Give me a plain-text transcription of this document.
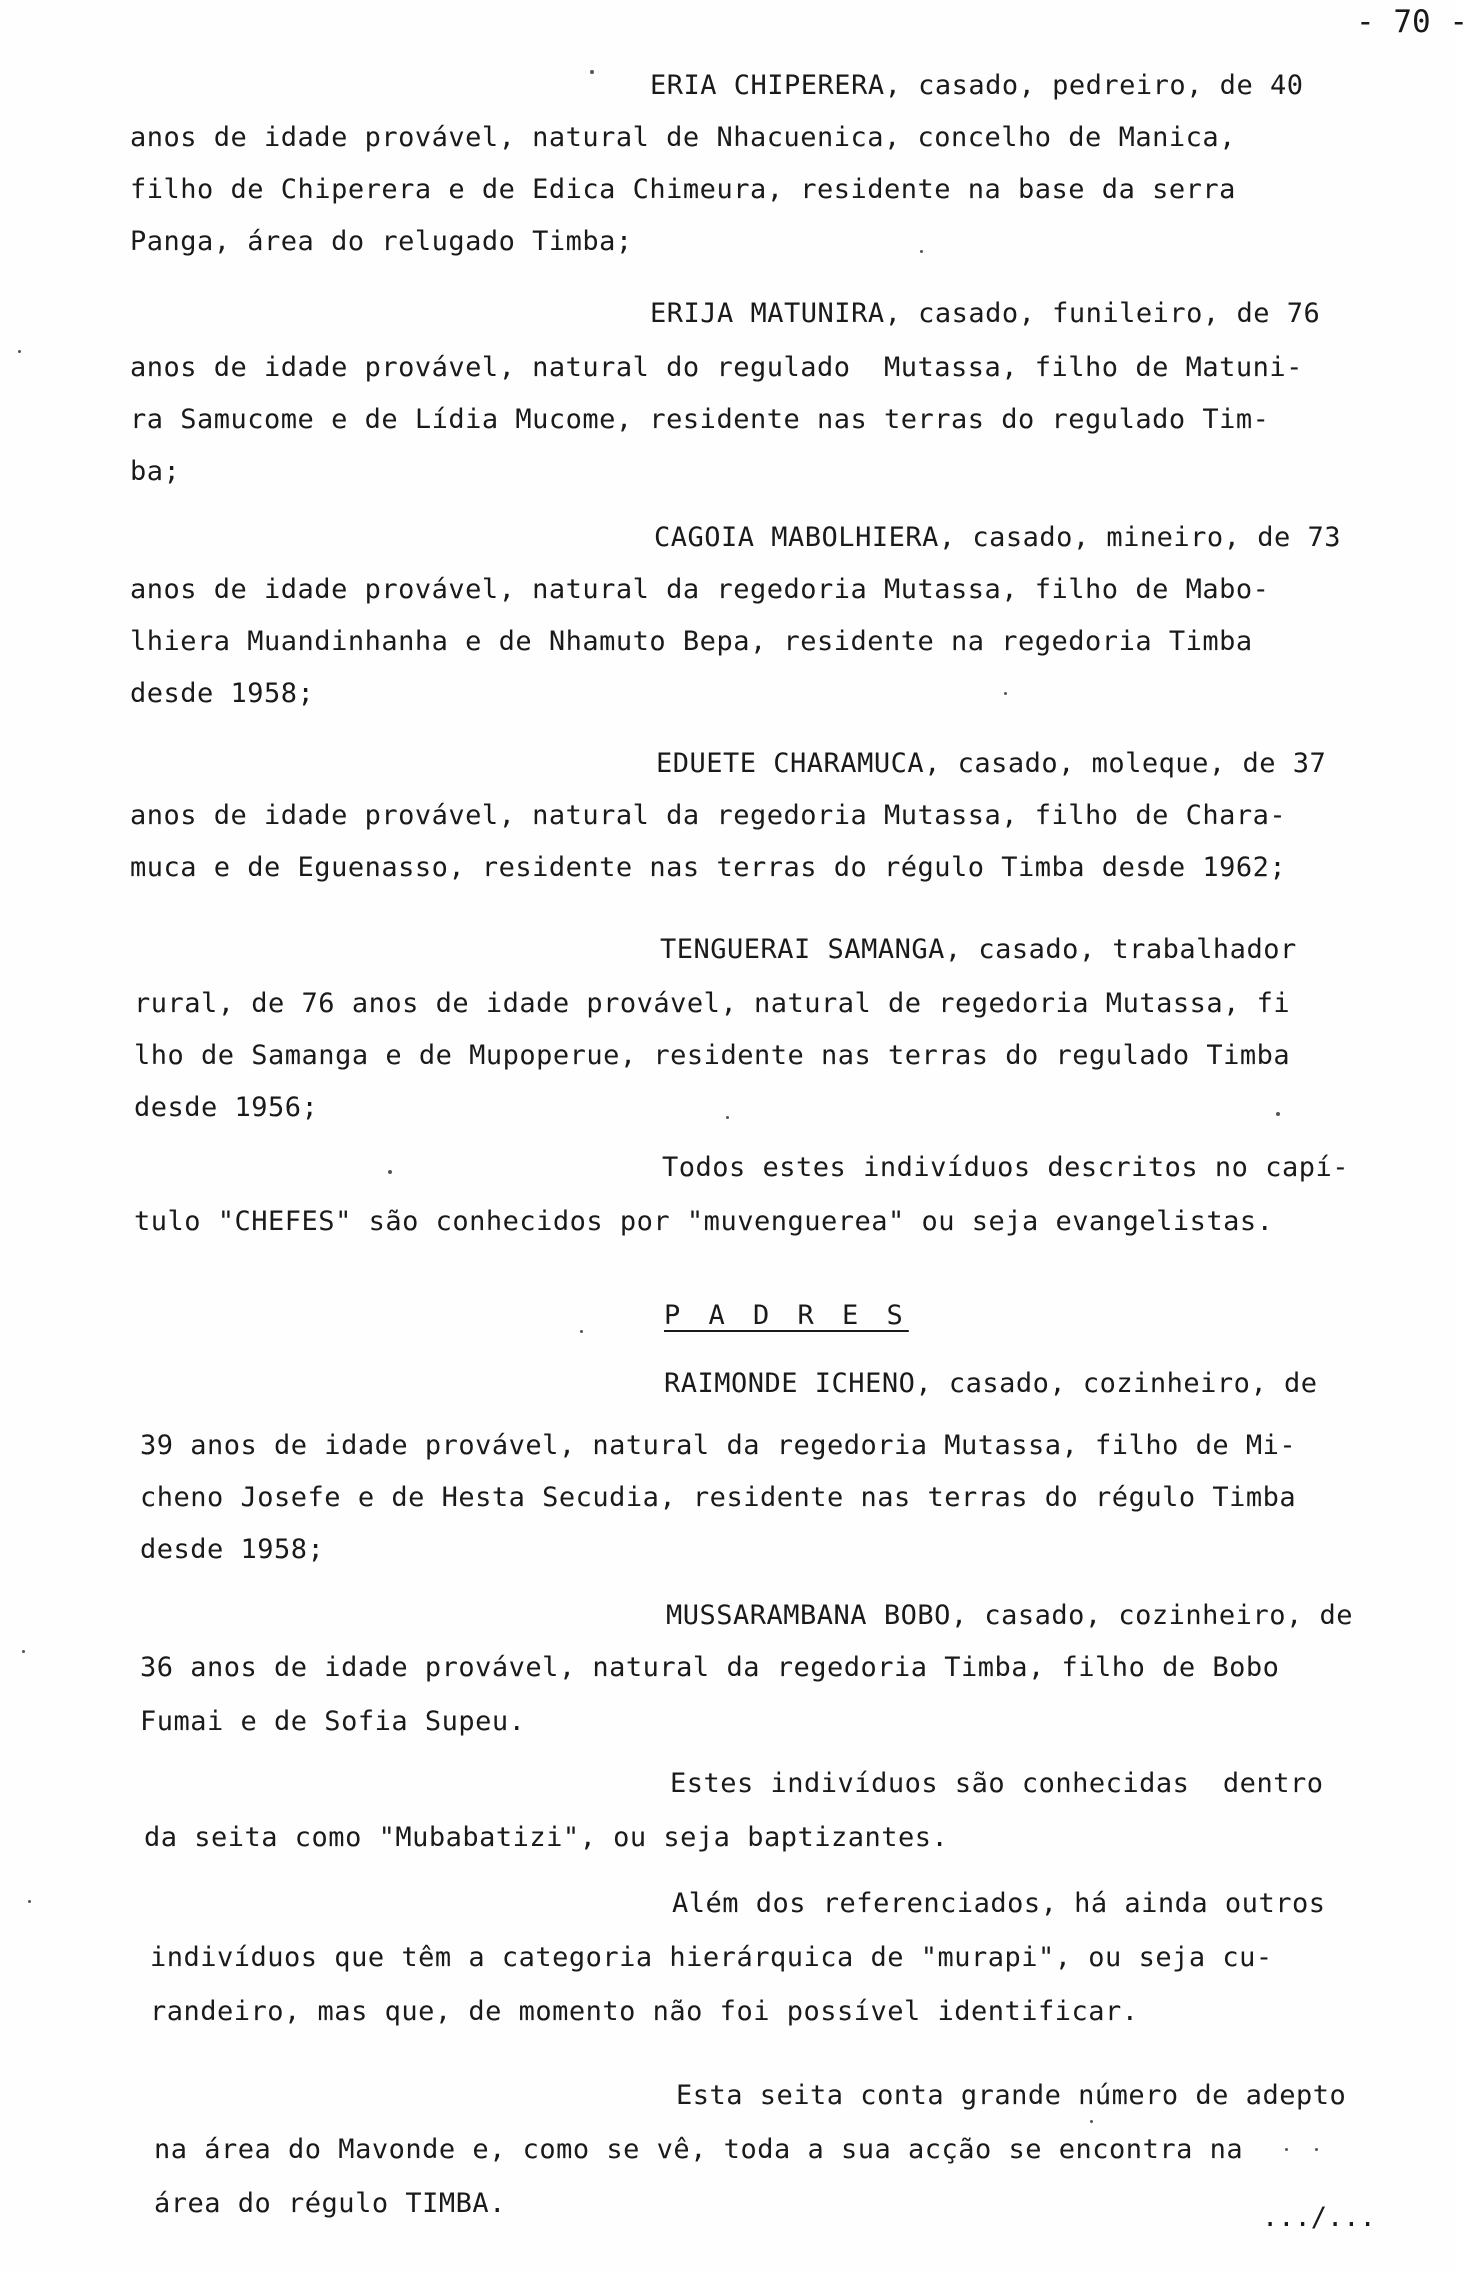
- 70 -
ERIA CHIPERERA, casado, pedreiro, de 40
anos de idade provável, natural de Nhacuenica, concelho de Manica,
filho de Chiperera e de Edica Chimeura, residente na base da serra
Panga, área do relugado Timba;
ERIJA MATUNIRA, casado, funileiro, de 76
anos de idade provável, natural do regulado  Mutassa, filho de Matuni-
ra Samucome e de Lídia Mucome, residente nas terras do regulado Tim-
ba;
CAGOIA MABOLHIERA, casado, mineiro, de 73
anos de idade provável, natural da regedoria Mutassa, filho de Mabo-
lhiera Muandinhanha e de Nhamuto Bepa, residente na regedoria Timba
desde 1958;
EDUETE CHARAMUCA, casado, moleque, de 37
anos de idade provável, natural da regedoria Mutassa, filho de Chara-
muca e de Eguenasso, residente nas terras do régulo Timba desde 1962;
TENGUERAI SAMANGA, casado, trabalhador
rural, de 76 anos de idade provável, natural de regedoria Mutassa, fi
lho de Samanga e de Mupoperue, residente nas terras do regulado Timba
desde 1956;
Todos estes indivíduos descritos no capí-
tulo "CHEFES" são conhecidos por "muvenguerea" ou seja evangelistas.
P A D R E S
RAIMONDE ICHENO, casado, cozinheiro, de
39 anos de idade provável, natural da regedoria Mutassa, filho de Mi-
cheno Josefe e de Hesta Secudia, residente nas terras do régulo Timba
desde 1958;
MUSSARAMBANA BOBO, casado, cozinheiro, de
36 anos de idade provável, natural da regedoria Timba, filho de Bobo
Fumai e de Sofia Supeu.
Estes indivíduos são conhecidas  dentro
da seita como "Mubabatizi", ou seja baptizantes.
Além dos referenciados, há ainda outros
indivíduos que têm a categoria hierárquica de "murapi", ou seja cu-
randeiro, mas que, de momento não foi possível identificar.
Esta seita conta grande número de adepto
na área do Mavonde e, como se vê, toda a sua acção se encontra na
área do régulo TIMBA.	.../...
